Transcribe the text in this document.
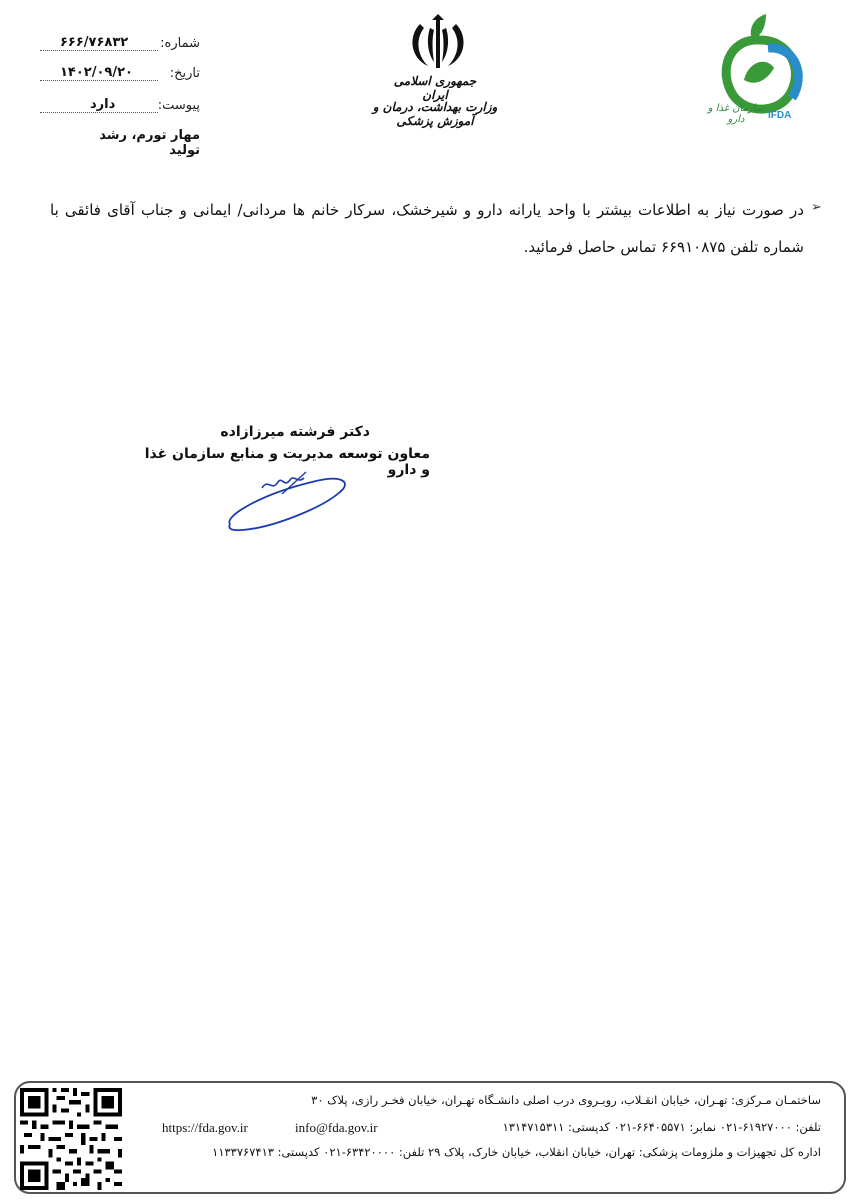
سازمان غذا و دارو	IFDA
جمهوری اسلامی ایران
وزارت بهداشت، درمان و آموزش پزشکی
شماره:
۶۶۶/۷۶۸۳۲
تاریخ:
۱۴۰۲/۰۹/۲۰
پیوست:
دارد
مهار تورم، رشد تولید
➢
در صورت نیاز به اطلاعات بیشتر با واحد یارانه دارو و شیرخشک، سرکار خانم ها مردانی/ ایمانی و جناب آقای فائقی با شماره تلفن ۶۶۹۱۰۸۷۵ تماس حاصل فرمائید.
دکتر فرشته میرزازاده
معاون توسعه مدیریت و منابع سازمان غذا و دارو
ساختمـان مـرکزی: تهـران، خیابان انقـلاب، روبـروی درب اصلی دانشـگاه تهـران، خیابان فخـر رازی، پلاک ۳۰
تلفن: ۶۱۹۲۷۰۰۰-۰۲۱ نمابر: ۶۶۴۰۵۵۷۱-۰۲۱ کدپستی: ۱۳۱۴۷۱۵۳۱۱
info@fda.gov.ir
https://fda.gov.ir
اداره کل تجهیزات و ملزومات پزشکی: تهران، خیابان انقلاب، خیابان خارک، پلاک ۲۹ تلفن: ۶۳۴۲۰۰۰۰-۰۲۱ کدپستی: ۱۱۳۳۷۶۷۴۱۳
